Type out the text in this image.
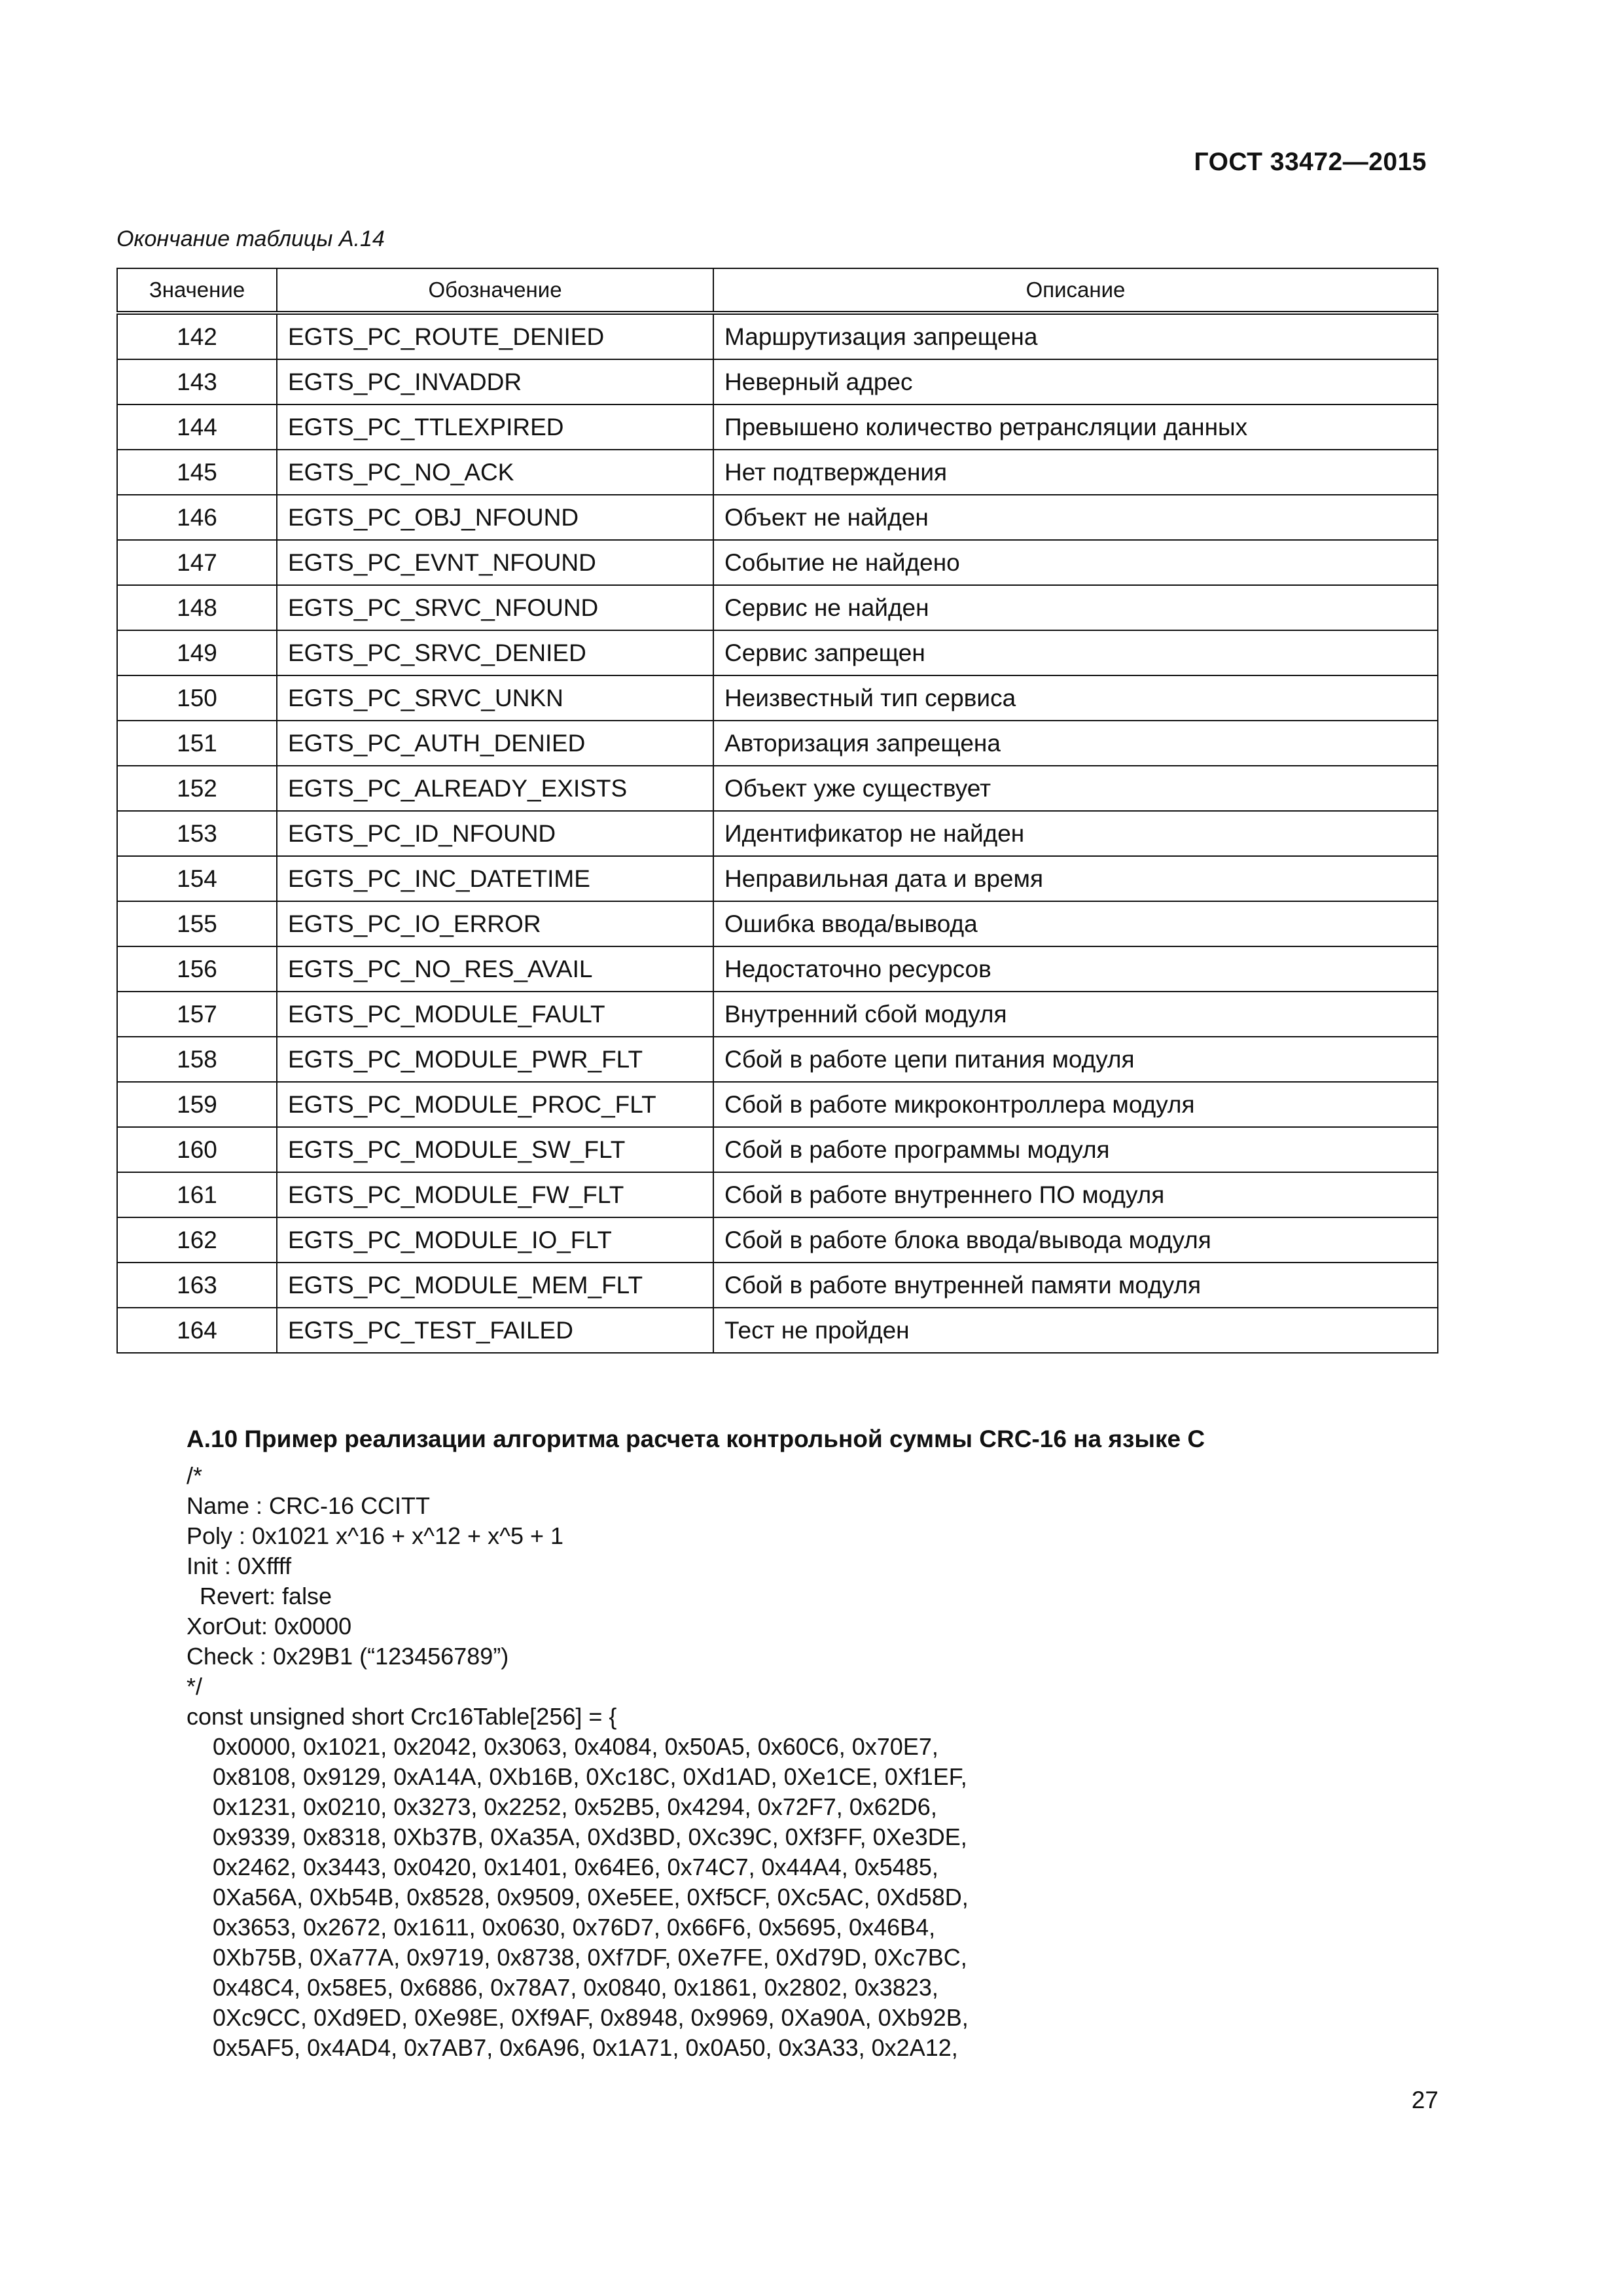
ГОСТ 33472—2015
Окончание таблицы А.14
Значение	Обозначение	Описание
142	EGTS_PC_ROUTE_DENIED	Маршрутизация запрещена
143	EGTS_PC_INVADDR	Неверный адрес
144	EGTS_PC_TTLEXPIRED	Превышено количество ретрансляции данных
145	EGTS_PC_NO_ACK	Нет подтверждения
146	EGTS_PC_OBJ_NFOUND	Объект не найден
147	EGTS_PC_EVNT_NFOUND	Событие не найдено
148	EGTS_PC_SRVC_NFOUND	Сервис не найден
149	EGTS_PC_SRVC_DENIED	Сервис запрещен
150	EGTS_PC_SRVC_UNKN	Неизвестный тип сервиса
151	EGTS_PC_AUTH_DENIED	Авторизация запрещена
152	EGTS_PC_ALREADY_EXISTS	Объект уже существует
153	EGTS_PC_ID_NFOUND	Идентификатор не найден
154	EGTS_PC_INC_DATETIME	Неправильная дата и время
155	EGTS_PC_IO_ERROR	Ошибка ввода/вывода
156	EGTS_PC_NO_RES_AVAIL	Недостаточно ресурсов
157	EGTS_PC_MODULE_FAULT	Внутренний сбой модуля
158	EGTS_PC_MODULE_PWR_FLT	Сбой в работе цепи питания модуля
159	EGTS_PC_MODULE_PROC_FLT	Сбой в работе микроконтроллера модуля
160	EGTS_PC_MODULE_SW_FLT	Сбой в работе программы модуля
161	EGTS_PC_MODULE_FW_FLT	Сбой в работе внутреннего ПО модуля
162	EGTS_PC_MODULE_IO_FLT	Сбой в работе блока ввода/вывода модуля
163	EGTS_PC_MODULE_MEM_FLT	Сбой в работе внутренней памяти модуля
164	EGTS_PC_TEST_FAILED	Тест не пройден
А.10 Пример реализации алгоритма расчета контрольной суммы CRC-16 на языке С
/*
Name : CRC-16 CCITT
Poly : 0x1021 x^16 + x^12 + x^5 + 1
Init : 0Xffff
Revert: false
XorOut: 0x0000
Check : 0x29B1 (“123456789”)
*/
const unsigned short Crc16Table[256] = {
0x0000, 0x1021, 0x2042, 0x3063, 0x4084, 0x50A5, 0x60C6, 0x70E7,
0x8108, 0x9129, 0xA14A, 0Xb16B, 0Xc18C, 0Xd1AD, 0Xe1CE, 0Xf1EF,
0x1231, 0x0210, 0x3273, 0x2252, 0x52B5, 0x4294, 0x72F7, 0x62D6,
0x9339, 0x8318, 0Xb37B, 0Xa35A, 0Xd3BD, 0Xc39C, 0Xf3FF, 0Xe3DE,
0x2462, 0x3443, 0x0420, 0x1401, 0x64E6, 0x74C7, 0x44A4, 0x5485,
0Xa56A, 0Xb54B, 0x8528, 0x9509, 0Xe5EE, 0Xf5CF, 0Xc5AC, 0Xd58D,
0x3653, 0x2672, 0x1611, 0x0630, 0x76D7, 0x66F6, 0x5695, 0x46B4,
0Xb75B, 0Xa77A, 0x9719, 0x8738, 0Xf7DF, 0Xe7FE, 0Xd79D, 0Xc7BC,
0x48C4, 0x58E5, 0x6886, 0x78A7, 0x0840, 0x1861, 0x2802, 0x3823,
0Xc9CC, 0Xd9ED, 0Xe98E, 0Xf9AF, 0x8948, 0x9969, 0Xa90A, 0Xb92B,
0x5AF5, 0x4AD4, 0x7AB7, 0x6A96, 0x1A71, 0x0A50, 0x3A33, 0x2A12,
27
